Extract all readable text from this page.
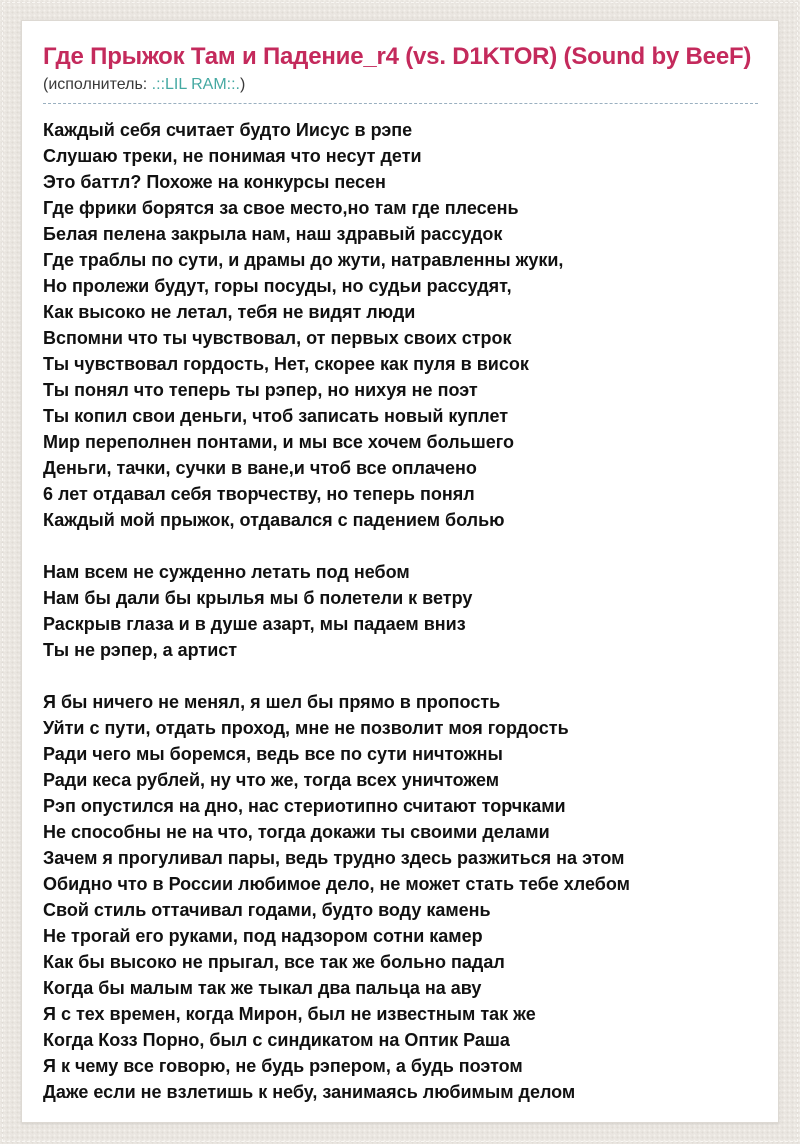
Где Прыжок Там и Падение_r4 (vs. D1KTOR) (Sound by BeeF)
(исполнитель: .::LIL RAM::.)
Каждый себя считает будто Иисус в рэпе
Слушаю треки, не понимая что несут дети
Это баттл? Похоже на конкурсы песен
Где фрики борятся за свое место,но там где плесень
Белая пелена закрыла нам, наш здравый рассудок
Где траблы по сути, и драмы до жути, натравленны жуки,
Но пролежи будут, горы посуды, но судьи рассудят,
Как высоко не летал, тебя не видят люди
Вспомни что ты чувствовал, от первых своих строк
Ты чувствовал гордость, Нет, скорее как пуля в висок
Ты понял что теперь ты рэпер, но нихуя не поэт
Ты копил свои деньги, чтоб записать новый куплет
Мир переполнен понтами, и мы все хочем большего
Деньги, тачки, сучки в ване,и чтоб все оплачено
6 лет отдавал себя творчеству, но теперь понял
Каждый мой прыжок, отдавался с падением болью
Нам всем не сужденно летать под небом
Нам бы дали бы крылья мы б полетели к ветру
Раскрыв глаза и в душе азарт, мы падаем вниз
Ты не рэпер, а артист
Я бы ничего не менял, я шел бы прямо в пропость
Уйти с пути, отдать проход, мне не позволит моя гордость
Ради чего мы боремся, ведь все по сути ничтожны
Ради кеса рублей, ну что же, тогда всех уничтожем
Рэп опустился на дно, нас стериотипно считают торчками
Не способны не на что, тогда докажи ты своими делами
Зачем я прогуливал пары, ведь трудно здесь разжиться на этом
Обидно что в России любимое дело, не может стать тебе хлебом
Свой стиль оттачивал годами, будто воду камень
Не трогай его руками, под надзором сотни камер
Как бы высоко не прыгал, все так же больно падал
Когда бы малым так же тыкал два пальца на аву
Я с тех времен, когда Мирон, был не известным так же
Когда Козз Порно, был с синдикатом на Оптик Раша
Я к чему все говорю, не будь рэпером, а будь поэтом
Даже если не взлетишь к небу, занимаясь любимым делом
